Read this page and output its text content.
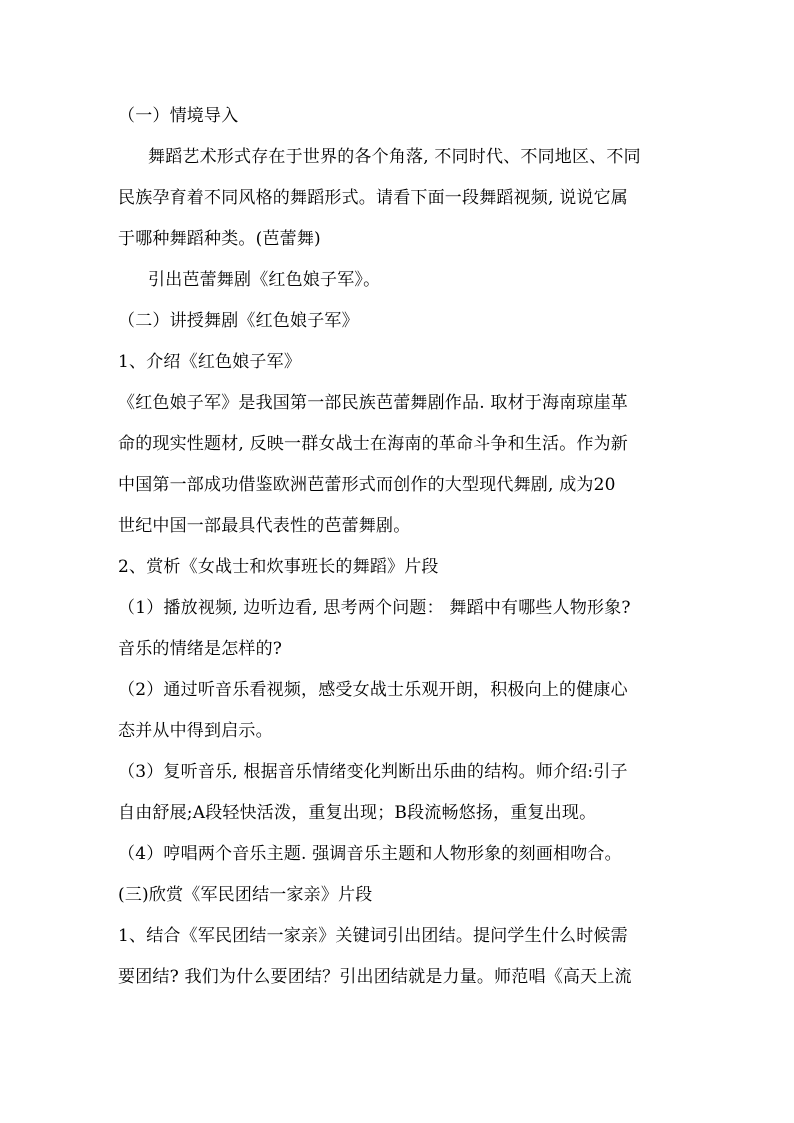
（一）情境导入

舞蹈艺术形式存在于世界的各个角落, 不同时代、不同地区、不同

民族孕育着不同风格的舞蹈形式。请看下面一段舞蹈视频, 说说它属

于哪种舞蹈种类。(芭蕾舞)

引出芭蕾舞剧《红色娘子军》。

（二）讲授舞剧《红色娘子军》

1、介绍《红色娘子军》

《红色娘子军》是我国第一部民族芭蕾舞剧作品. 取材于海南琼崖革

命的现实性题材, 反映一群女战士在海南的革命斗争和生活。作为新

中国第一部成功借鉴欧洲芭蕾形式而创作的大型现代舞剧, 成为20

世纪中国一部最具代表性的芭蕾舞剧。

2、赏析《女战士和炊事班长的舞蹈》片段

（1）播放视频, 边听边看, 思考两个问题： 舞蹈中有哪些人物形象?

音乐的情绪是怎样的?

（2）通过听音乐看视频，感受女战士乐观开朗，积极向上的健康心

态并从中得到启示。

（3）复听音乐, 根据音乐情绪变化判断出乐曲的结构。师介绍:引子

自由舒展;A段轻快活泼，重复出现；B段流畅悠扬，重复出现。

（4）哼唱两个音乐主题. 强调音乐主题和人物形象的刻画相吻合。

(三)欣赏《军民团结一家亲》片段

1、结合《军民团结一家亲》关键词引出团结。提问学生什么时候需

要团结? 我们为什么要团结？引出团结就是力量。师范唱《高天上流
